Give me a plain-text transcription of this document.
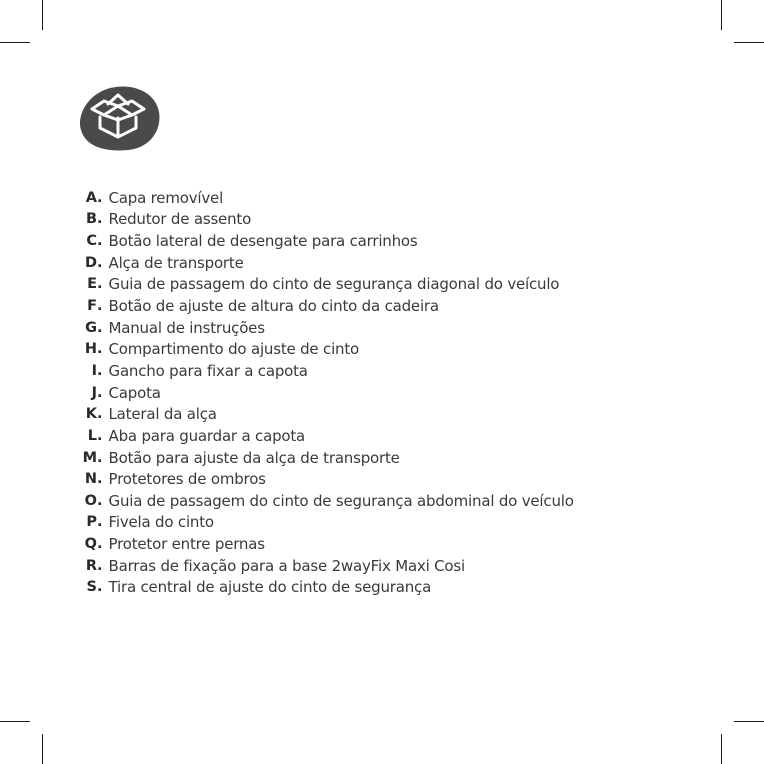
A . Capa removível
B . Redutor de assento
C . Botão lateral de desengate para carrinhos
D . Alça de transporte
E . Guia de passagem do cinto de segurança diagonal do veículo
F . Botão de ajuste de altura do cinto da cadeira
G . Manual de instruções
H . Compartimento do ajuste de cinto
I . Gancho para fixar a capota
J . Capota
K . Lateral da alça
L . Aba para guardar a capota
M . Botão para ajuste da alça de transporte
N . Protetores de ombros
O . Guia de passagem do cinto de segurança abdominal do veículo
P . Fivela do cinto
Q . Protetor entre pernas
R . Barras de fixação para a base 2wayFix Maxi Cosi
S . Tira central de ajuste do cinto de segurança
